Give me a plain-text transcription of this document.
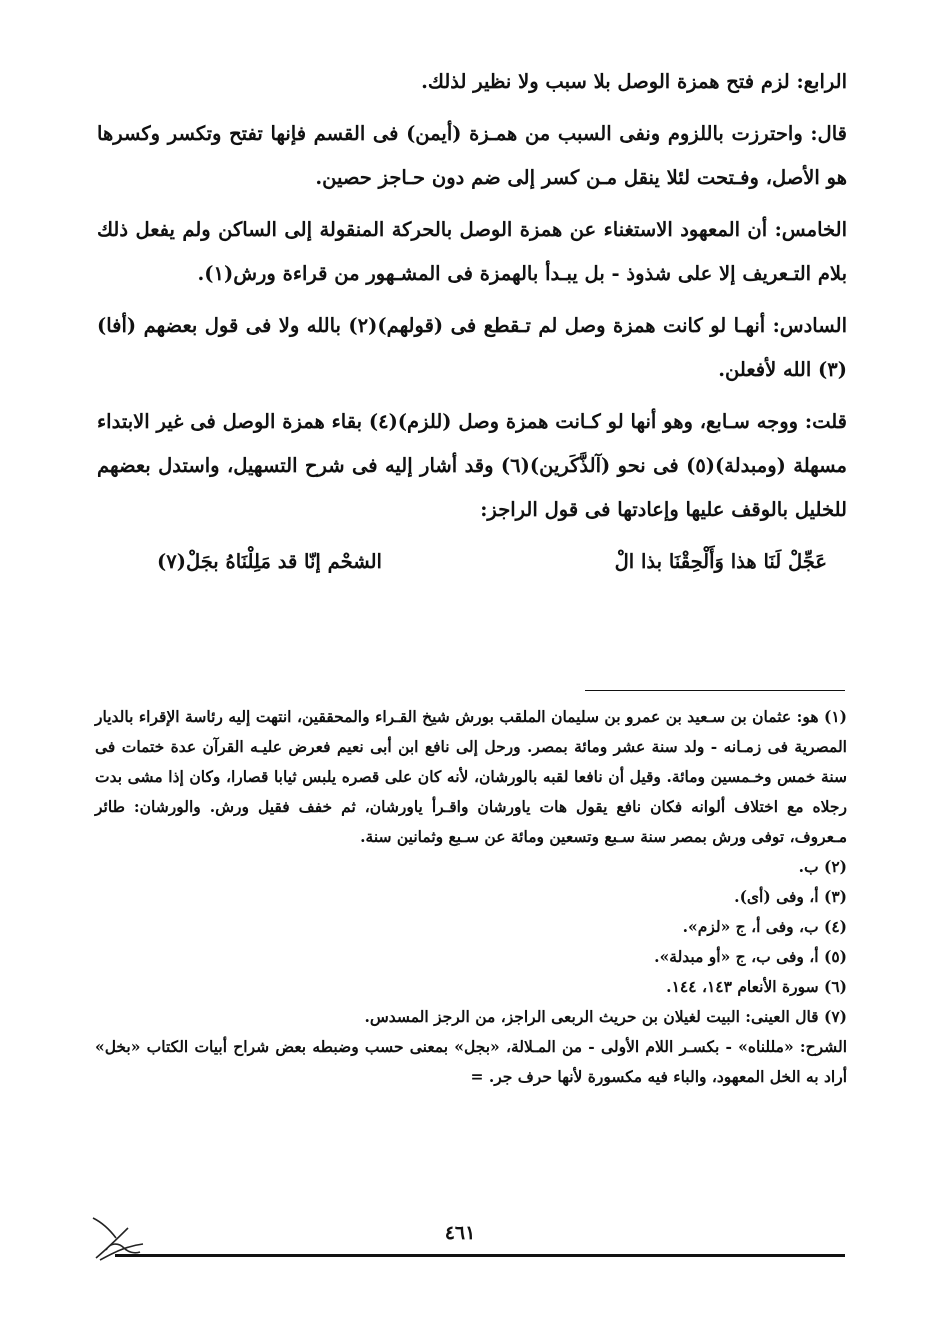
الرابع: لزم فتح همزة الوصل بلا سبب ولا نظير لذلك.

قال: واحترزت باللزوم ونفى السبب من همـزة (أيمن) فى القسم فإنها تفتح وتكسر وكسرها هو الأصل، وفـتحت لئلا ينقل مـن كسر إلى ضم دون حـاجز حصين.

الخامس: أن المعهود الاستغناء عن همزة الوصل بالحركة المنقولة إلى الساكن ولم يفعل ذلك بلام التـعريف إلا على شذوذ - بل يبـدأ بالهمزة فى المشـهور من قراءة ورش(١).

السادس: أنهـا لو كانت همزة وصل لم تـقطع فى (قولهم)(٢) بالله ولا فى قول بعضهم (أفا)(٣) الله لأفعلن.

قلت: ووجه سـابع، وهو أنها لو كـانت همزة وصل (للزم)(٤) بقاء همزة الوصل فى غير الابتداء مسهلة (ومبدلة)(٥) فى نحو (آلذَّكَرين)(٦) وقد أشار إليه فى شرح التسهيل، واستدل بعضهم للخليل بالوقف عليها وإعادتها فى قول الراجز:

عَجِّلْ لَنَا هذا وَأَلْحِقْنَا بذا الْ
الشحْم إنّا قد مَلِلْنَاهُ بجَلْ(٧)

(١) هو: عثمان بن سـعيد بن عمرو بن سليمان الملقب بورش شيخ القـراء والمحققين، انتهت إليه رئاسة الإقراء بالديار المصرية فى زمـانه - ولد سنة عشر ومائة بمصر. ورحل إلى نافع ابن أبى نعيم فعرض عليـه القرآن عدة ختمات فى سنة خمس وخـمسين ومائة. وقيل أن نافعا لقبه بالورشان، لأنه كان على قصره يلبس ثيابا قصارا، وكان إذا مشى بدت رجلاه مع اختلاف ألوانه فكان نافع يقول هات ياورشان واقـرأ ياورشان، ثم خفف فقيل ورش. والورشان: طائر مـعروف، توفى ورش بمصر سنة سـبع وتسعين ومائة عن سـبع وثمانين سنة.

(٢) ب.

(٣) أ، وفى (أى).

(٤) ب، وفى أ، ج «لزم».

(٥) أ، وفى ب، ج «أو مبدلة».

(٦) سورة الأنعام ١٤٣، ١٤٤.

(٧) قال العينى: البيت لغيلان بن حريث الربعى الراجز، من الرجز المسدس.

الشرح: «مللناه» - بكسـر اللام الأولى - من المـلالة، «بجل» بمعنى حسب وضبطه بعض شراح أبيات الكتاب «بخل» أراد به الخل المعهود، والباء فيه مكسورة لأنها حرف جر. =

٤٦١
